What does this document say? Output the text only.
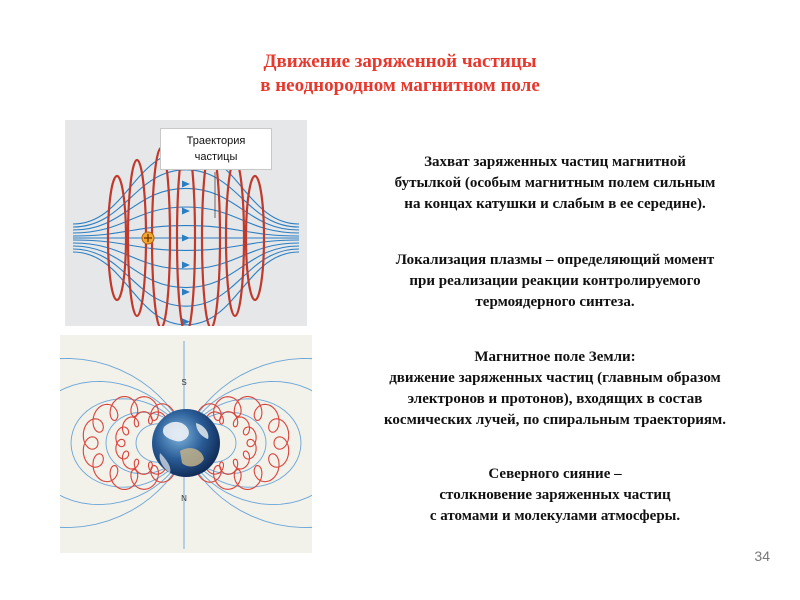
Движение заряженной частицы
в неоднородном магнитном поле
Траектория
частицы
S
N
Захват заряженных частиц магнитной
бутылкой (особым магнитным полем сильным
на концах катушки и слабым в ее середине).
Локализация плазмы – определяющий момент
при реализации реакции контролируемого
термоядерного синтеза.
Магнитное поле Земли:
движение заряженных частиц (главным образом
электронов и протонов), входящих в состав
космических лучей, по спиральным траекториям.
Северного сияние –
столкновение заряженных частиц
с атомами и молекулами атмосферы.
34
